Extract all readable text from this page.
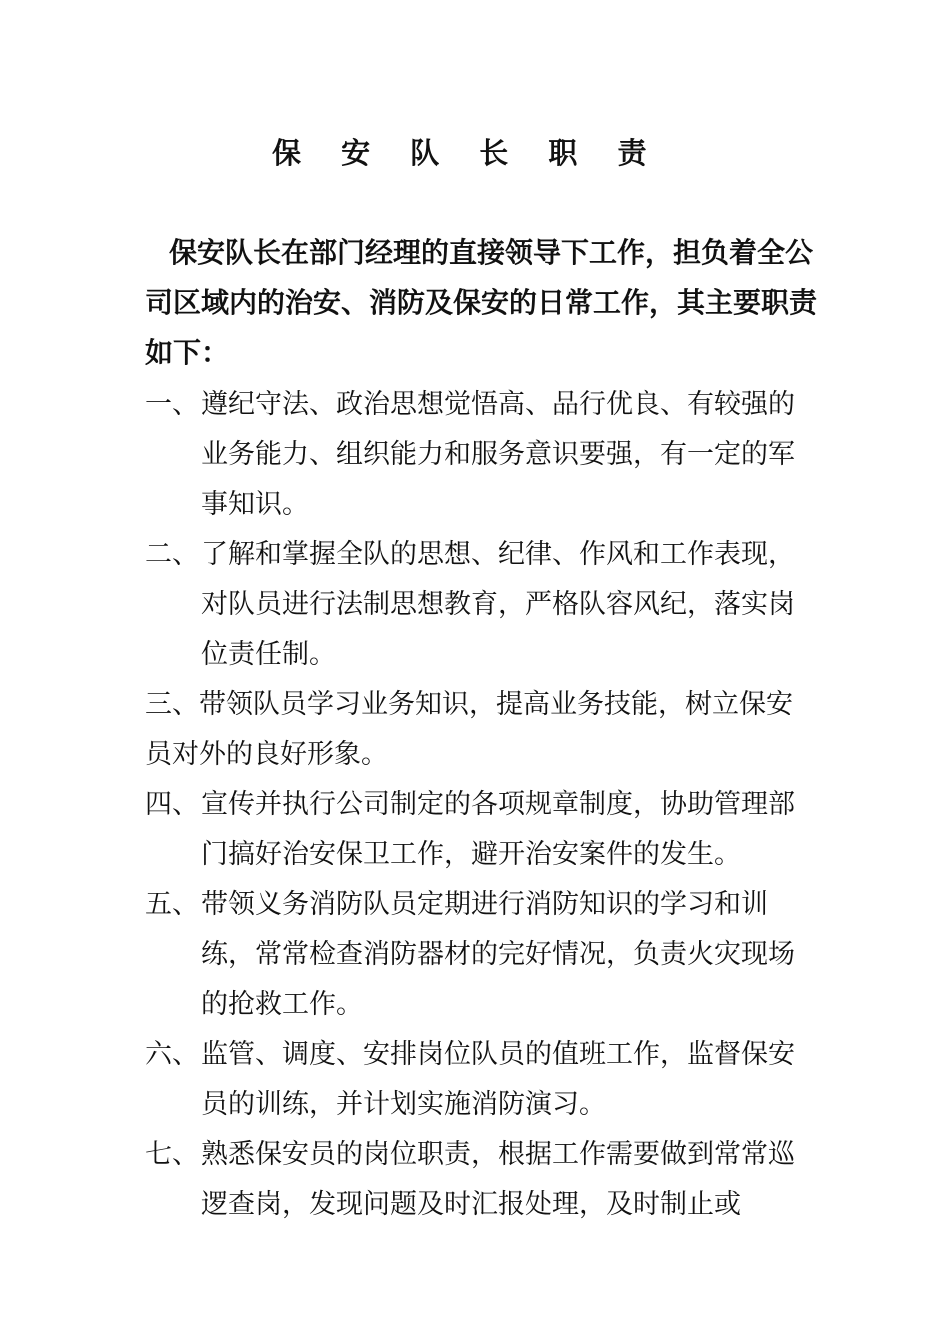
保 安 队 长 职 责
保安队长在部门经理的直接领导下工作，担负着全公司区域内的治安、消防及保安的日常工作，其主要职责如下：
一、 遵纪守法、政治思想觉悟高、品行优良、有较强的业务能力、组织能力和服务意识要强，有一定的军事知识。
二、 了解和掌握全队的思想、纪律、作风和工作表现，对队员进行法制思想教育，严格队容风纪，落实岗位责任制。
三、带领队员学习业务知识，提高业务技能，树立保安员对外的良好形象。
四、 宣传并执行公司制定的各项规章制度，协助管理部门搞好治安保卫工作，避开治安案件的发生。
五、 带领义务消防队员定期进行消防知识的学习和训练，常常检查消防器材的完好情况，负责火灾现场的抢救工作。
六、 监管、调度、安排岗位队员的值班工作，监督保安员的训练，并计划实施消防演习。
七、 熟悉保安员的岗位职责，根据工作需要做到常常巡逻查岗，发现问题及时汇报处理，及时制止或
